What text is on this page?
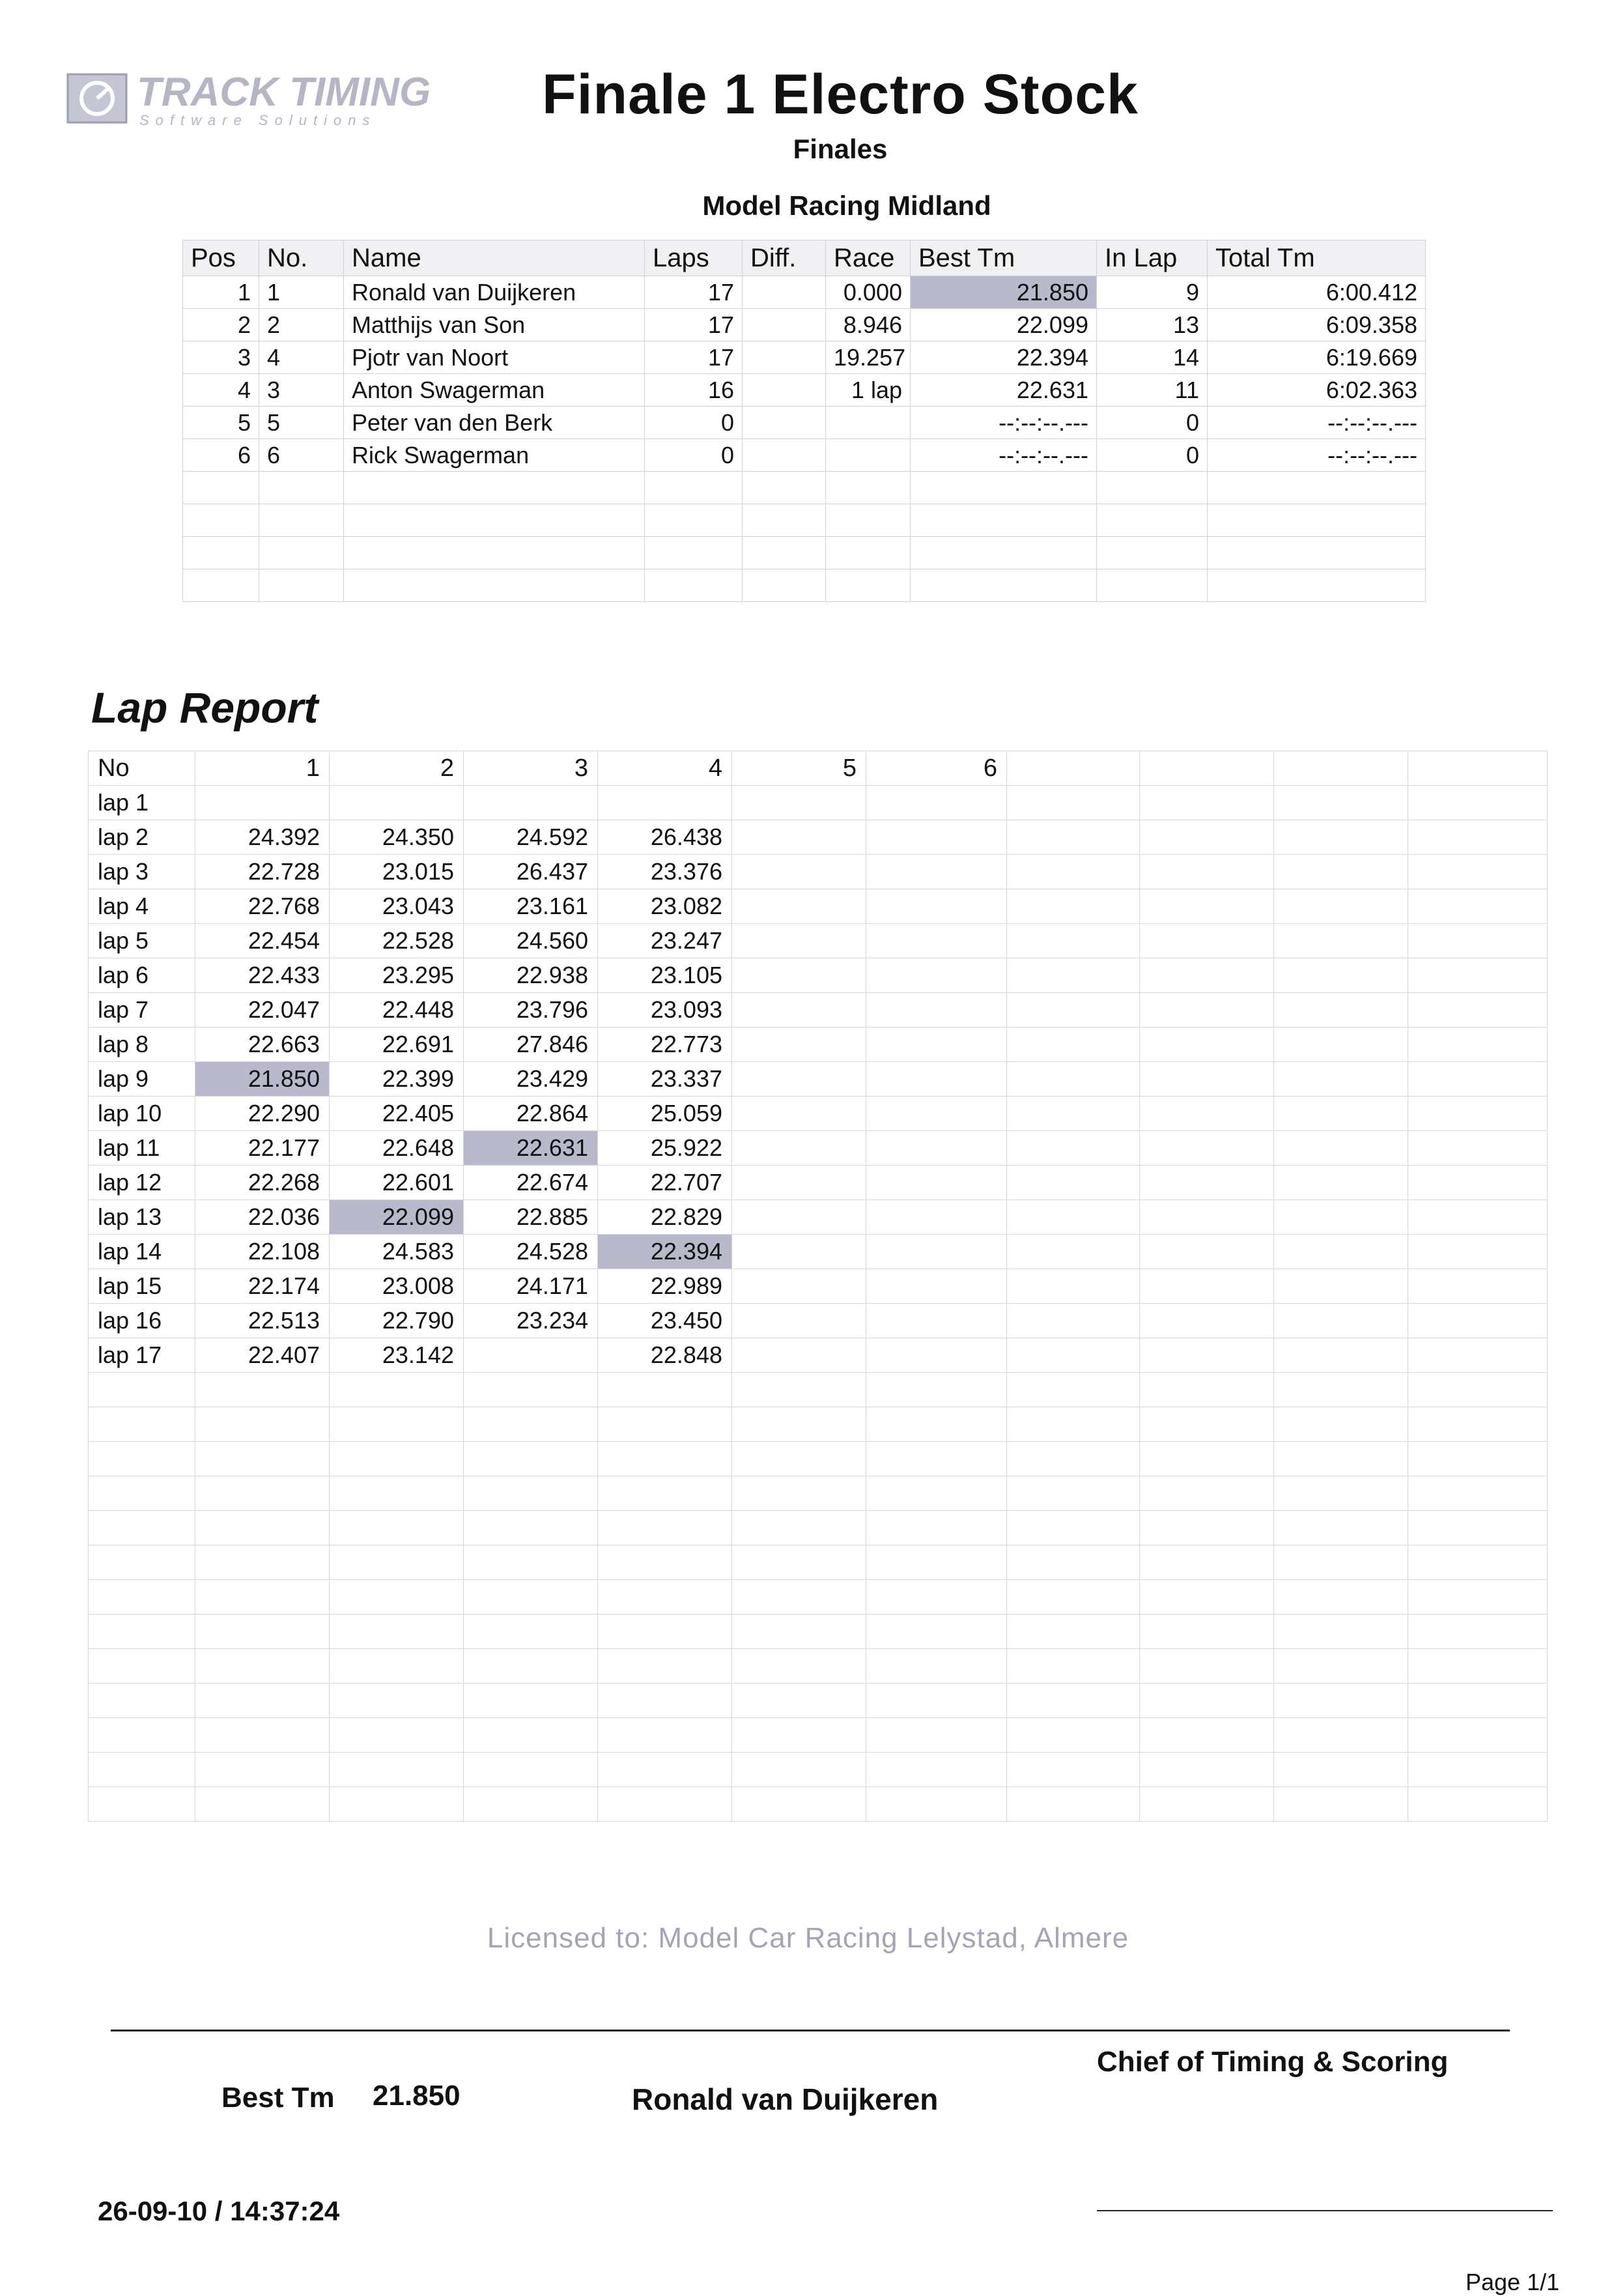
TRACK TIMING
Software Solutions	Finale 1 Electro Stock
Finales
Model Racing Midland
Pos	No.	Name	Laps	Diff.	Race	Best Tm	In Lap	Total Tm
1	1	Ronald van Duijkeren	17		0.000	21.850	9	6:00.412
2	2	Matthijs van Son	17		8.946	22.099	13	6:09.358
3	4	Pjotr van Noort	17		19.257	22.394	14	6:19.669
4	3	Anton Swagerman	16		1 lap	22.631	11	6:02.363
5	5	Peter van den Berk	0			--:--:--.---	0	--:--:--.---
6	6	Rick Swagerman	0			--:--:--.---	0	--:--:--.---

Lap Report
No	1	2	3	4	5	6				
lap 1										
lap 2	24.392	24.350	24.592	26.438						
lap 3	22.728	23.015	26.437	23.376						
lap 4	22.768	23.043	23.161	23.082						
lap 5	22.454	22.528	24.560	23.247						
lap 6	22.433	23.295	22.938	23.105						
lap 7	22.047	22.448	23.796	23.093						
lap 8	22.663	22.691	27.846	22.773						
lap 9	21.850	22.399	23.429	23.337						
lap 10	22.290	22.405	22.864	25.059						
lap 11	22.177	22.648	22.631	25.922						
lap 12	22.268	22.601	22.674	22.707						
lap 13	22.036	22.099	22.885	22.829						
lap 14	22.108	24.583	24.528	22.394						
lap 15	22.174	23.008	24.171	22.989						
lap 16	22.513	22.790	23.234	23.450						
lap 17	22.407	23.142		22.848						

Licensed to: Model Car Racing Lelystad, Almere
Chief of Timing & Scoring
Best Tm 21.850	Ronald van Duijkeren
26-09-10 / 14:37:24
Page 1/1
